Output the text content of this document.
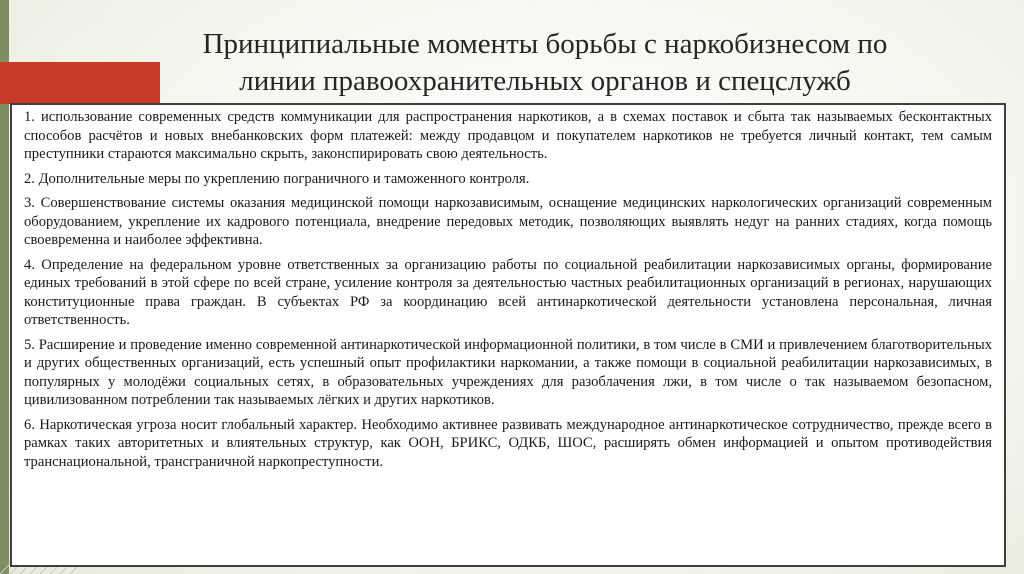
Принципиальные моменты борьбы с наркобизнесом по
линии правоохранительных органов и спецслужб

1. использование современных средств коммуникации для распространения наркотиков, а в схемах поставок и сбыта так называемых бесконтактных способов расчётов и новых внебанковских форм платежей: между продавцом и покупателем наркотиков не требуется личный контакт, тем самым преступники стараются максимально скрыть, законспирировать свою деятельность.

2. Дополнительные меры по укреплению пограничного и таможенного контроля.

3. Совершенствование системы оказания медицинской помощи наркозависимым, оснащение медицинских наркологических организаций современным оборудованием, укрепление их кадрового потенциала, внедрение передовых методик, позволяющих выявлять недуг на ранних стадиях, когда помощь своевременна и наиболее эффективна.

4. Определение на федеральном уровне ответственных за организацию работы по социальной реабилитации наркозависимых органы, формирование единых требований в этой сфере по всей стране, усиление контроля за деятельностью частных реабилитационных организаций в регионах, нарушающих конституционные права граждан. В субъектах РФ за координацию всей антинаркотической деятельности установлена персональная, личная ответственность.

5. Расширение и проведение именно современной антинаркотической информационной политики, в том числе в СМИ и привлечением благотворительных и других общественных организаций, есть успешный опыт профилактики наркомании, а также помощи в социальной реабилитации наркозависимых, в популярных у молодёжи социальных сетях, в образовательных учреждениях для разоблачения лжи, в том числе о так называемом безопасном, цивилизованном потреблении так называемых лёгких и других наркотиков.

6. Наркотическая угроза носит глобальный характер. Необходимо активнее развивать международное антинаркотическое сотрудничество, прежде всего в рамках таких авторитетных и влиятельных структур, как ООН, БРИКС, ОДКБ, ШОС, расширять обмен информацией и опытом противодействия транснациональной, трансграничной наркопреступности.
